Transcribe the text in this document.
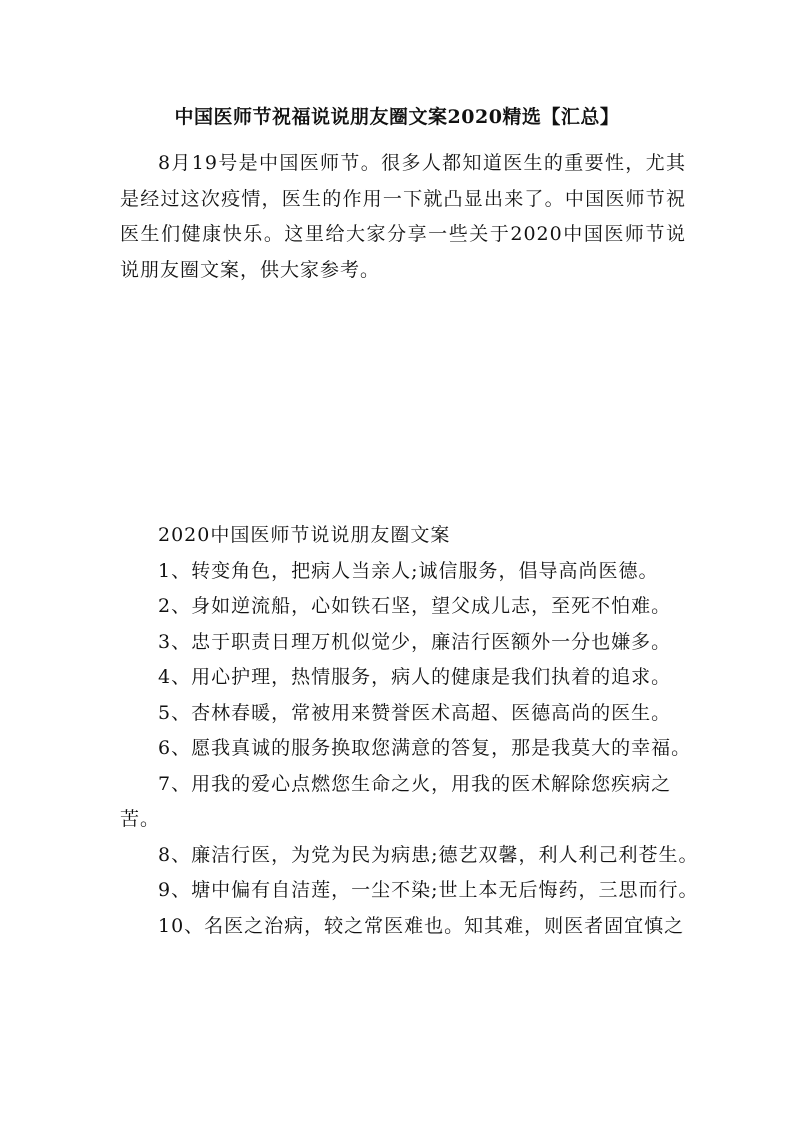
中国医师节祝福说说朋友圈文案2020精选【汇总】

8月19号是中国医师节。很多人都知道医生的重要性，尤其是经过这次疫情，医生的作用一下就凸显出来了。中国医师节祝医生们健康快乐。这里给大家分享一些关于2020中国医师节说说朋友圈文案，供大家参考。

2020中国医师节说说朋友圈文案

1、转变角色，把病人当亲人;诚信服务，倡导高尚医德。

2、身如逆流船，心如铁石坚，望父成儿志，至死不怕难。

3、忠于职责日理万机似觉少，廉洁行医额外一分也嫌多。

4、用心护理，热情服务，病人的健康是我们执着的追求。

5、杏林春暖，常被用来赞誉医术高超、医德高尚的医生。

6、愿我真诚的服务换取您满意的答复，那是我莫大的幸福。

7、用我的爱心点燃您生命之火，用我的医术解除您疾病之苦。

8、廉洁行医，为党为民为病患;德艺双馨，利人利己利苍生。

9、塘中偏有自洁莲，一尘不染;世上本无后悔药，三思而行。

10、名医之治病，较之常医难也。知其难，则医者固宜慎之
